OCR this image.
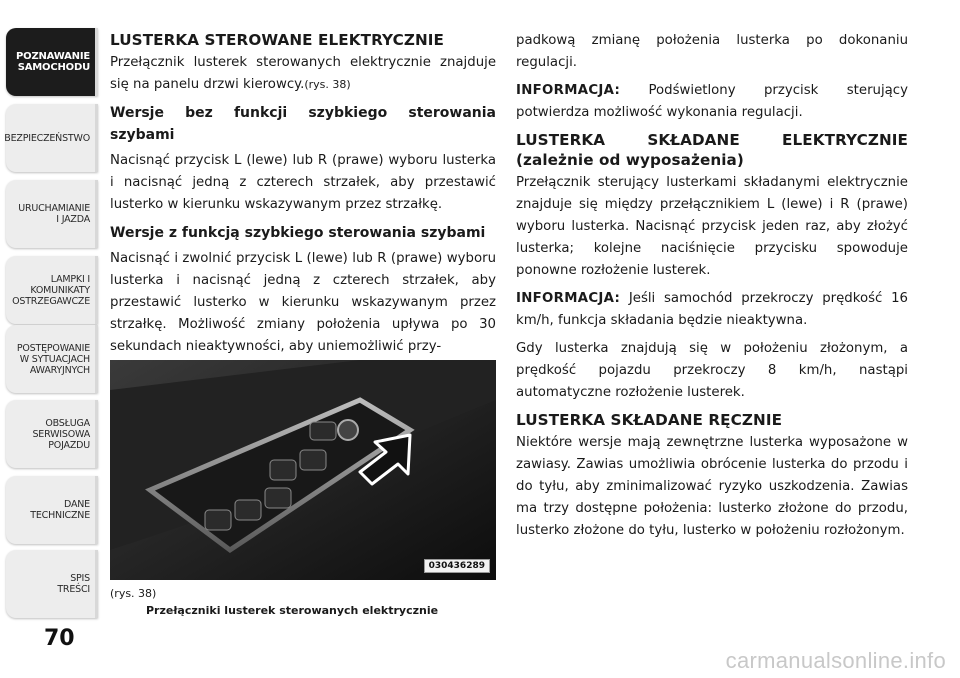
POZNAWANIE
SAMOCHODU
BEZPIECZEŃSTWO
URUCHAMIANIE
I JAZDA
LAMPKI I
KOMUNIKATY
OSTRZEGAWCZE
POSTĘPOWANIE
W SYTUACJACH
AWARYJNYCH
OBSŁUGA
SERWISOWA
POJAZDU
DANE
TECHNICZNE
SPIS
TREŚCI
70
LUSTERKA STEROWANE ELEKTRYCZNIE

Przełącznik lusterek sterowanych elektrycznie znajduje się na panelu drzwi kierowcy.(rys. 38)

Wersje bez funkcji szybkiego sterowania szybami

Nacisnąć przycisk L (lewe) lub R (prawe) wyboru lusterka i nacisnąć jedną z czterech strzałek, aby przestawić lusterko w kierunku wskazywanym przez strzałkę.

Wersje z funkcją szybkiego sterowania szybami

Nacisnąć i zwolnić przycisk L (lewe) lub R (prawe) wyboru lusterka i nacisnąć jedną z czterech strzałek, aby przestawić lusterko w kierunku wskazywanym przez strzałkę. Możliwość zmiany położenia upływa po 30 sekundach nieaktywności, aby uniemożliwić przy-

030436289
(rys. 38)
Przełączniki lusterek sterowanych elektrycznie

padkową zmianę położenia lusterka po dokonaniu regulacji.

INFORMACJA: Podświetlony przycisk sterujący potwierdza możliwość wykonania regulacji.

LUSTERKA SKŁADANE ELEKTRYCZNIE (zależnie od wyposażenia)

Przełącznik sterujący lusterkami składanymi elektrycznie znajduje się między przełącznikiem L (lewe) i R (prawe) wyboru lusterka. Nacisnąć przycisk jeden raz, aby złożyć lusterka; kolejne naciśnięcie przycisku spowoduje ponowne rozłożenie lusterek.

INFORMACJA: Jeśli samochód przekroczy prędkość 16 km/h, funkcja składania będzie nieaktywna.

Gdy lusterka znajdują się w położeniu złożonym, a prędkość pojazdu przekroczy 8 km/h, nastąpi automatyczne rozłożenie lusterek.

LUSTERKA SKŁADANE RĘCZNIE

Niektóre wersje mają zewnętrzne lusterka wyposażone w zawiasy. Zawias umożliwia obrócenie lusterka do przodu i do tyłu, aby zminimalizować ryzyko uszkodzenia. Zawias ma trzy dostępne położenia: lusterko złożone do przodu, lusterko złożone do tyłu, lusterko w położeniu rozłożonym.

carmanualsonline.info
